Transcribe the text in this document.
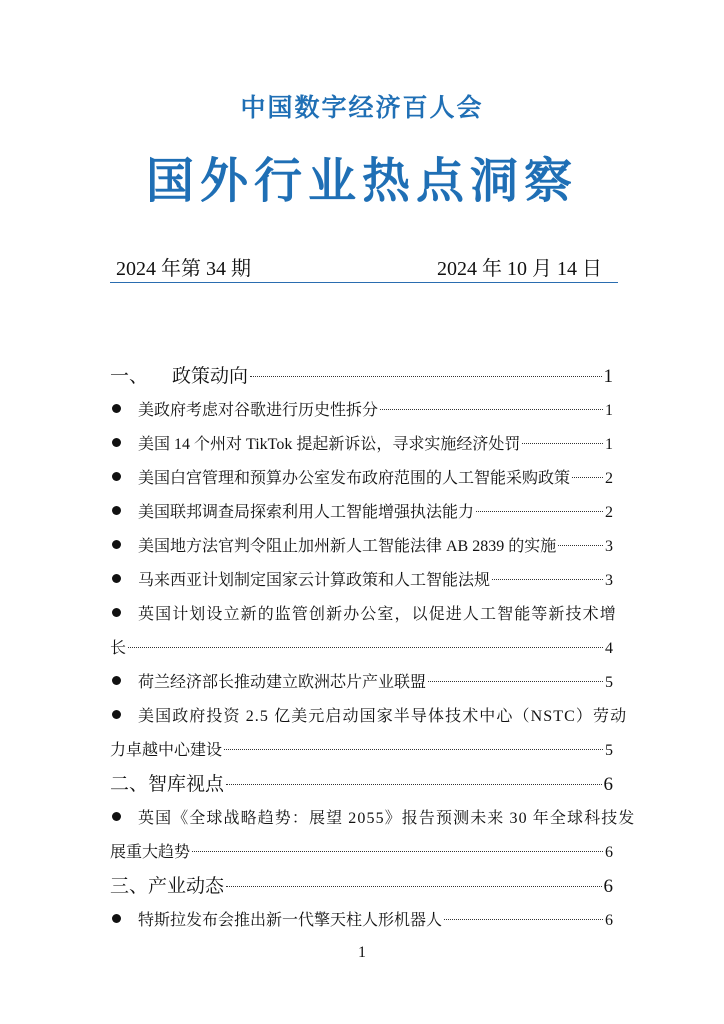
中国数字经济百人会
国外行业热点洞察
2024 年第 34 期	2024 年 10 月 14 日
一、 政策动向	1
美政府考虑对谷歌进行历史性拆分	1
美国 14 个州对 TikTok 提起新诉讼，寻求实施经济处罚	1
美国白宫管理和预算办公室发布政府范围的人工智能采购政策 2
美国联邦调查局探索利用人工智能增强执法能力	2
美国地方法官判令阻止加州新人工智能法律 AB 2839 的实施	3
马来西亚计划制定国家云计算政策和人工智能法规	3
英国计划设立新的监管创新办公室，以促进人工智能等新技术增
长	4
荷兰经济部长推动建立欧洲芯片产业联盟	5
美国政府投资 2.5 亿美元启动国家半导体技术中心（NSTC）劳动
力卓越中心建设	5
二、智库视点	6
英国《全球战略趋势：展望 2055》报告预测未来 30 年全球科技发
展重大趋势	6
三、产业动态	6
特斯拉发布会推出新一代擎天柱人形机器人	6
1
